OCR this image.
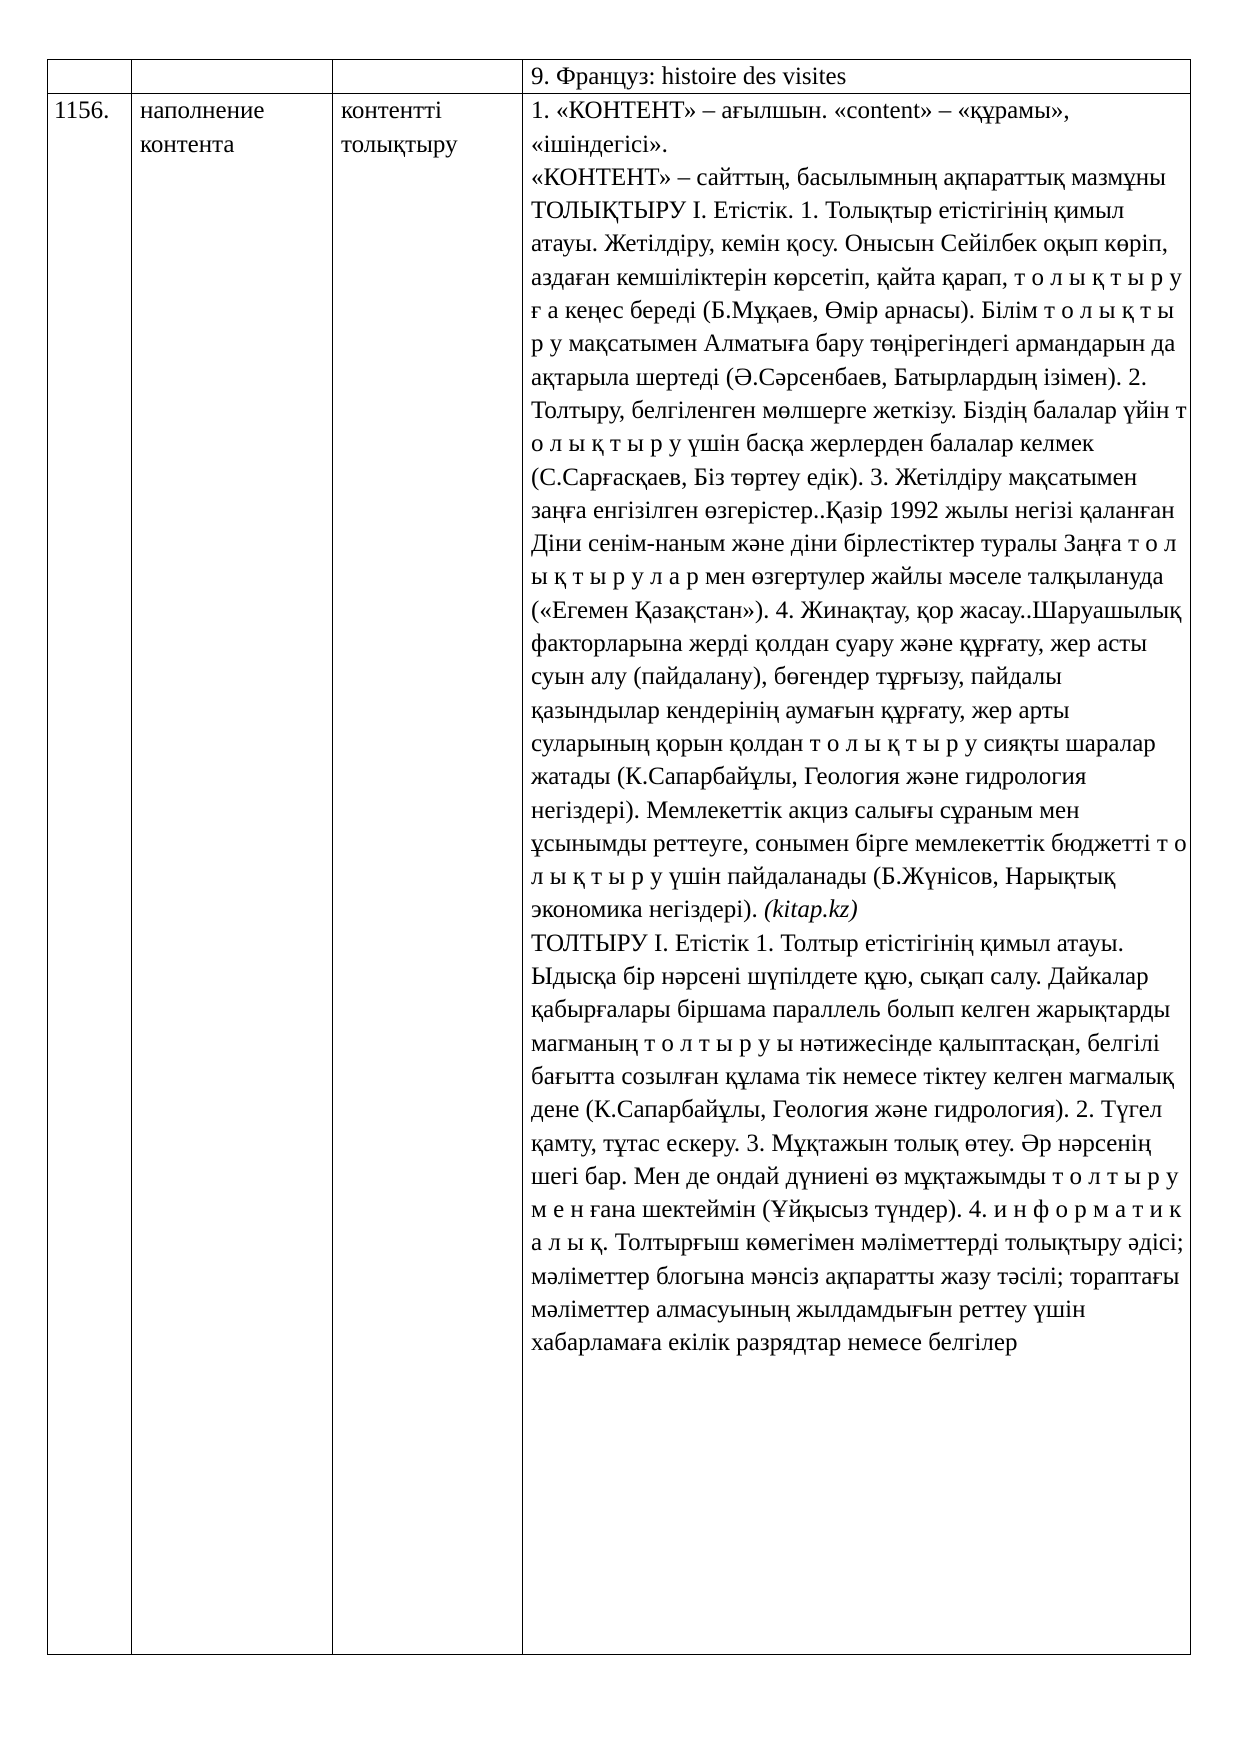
			9. Француз: histoire des visites
1156.	наполнение контента	контентті толықтыру	1. «КОНТЕНТ» – ағылшын. «content» – «құрамы», «ішіндегісі».
«КОНТЕНТ» – сайттың, басылымның ақпараттық мазмұны
ТОЛЫҚТЫРУ I. Етістік. 1. Толықтыр етістігінің қимыл атауы. Жетілдіру, кемін қосу. Онысын Сейілбек оқып көріп, аздаған кемшіліктерін көрсетіп, қайта қарап, т о л ы қ т ы р у ғ а кеңес береді (Б.Мұқаев, Өмір арнасы). Білім т о л ы қ т ы р у мақсатымен Алматыға бару төңірегіндегі армандарын да ақтарыла шертеді (Ә.Сәрсенбаев, Батырлардың ізімен). 2. Толтыру, белгіленген мөлшерге жеткізу. Біздің балалар үйін т о л ы қ т ы р у үшін басқа жерлерден балалар келмек (С.Сарғасқаев, Біз төртеу едік). 3. Жетілдіру мақсатымен заңға енгізілген өзгерістер..Қазір 1992 жылы негізі қаланған Діни сенім-наным және діни бірлестіктер туралы Заңға т о л ы қ т ы р у л а р мен өзгертулер жайлы мәселе талқылануда («Егемен Қазақстан»). 4. Жинақтау, қор жасау..Шаруашылық факторларына жерді қолдан суару және құрғату, жер асты суын алу (пайдалану), бөгендер тұрғызу, пайдалы қазындылар кендерінің аумағын құрғату, жер арты суларының қорын қолдан т о л ы қ т ы р у сияқты шаралар жатады (К.Сапарбайұлы, Геология және гидрология негіздері). Мемлекеттік акциз салығы сұраным мен ұсынымды реттеуге, сонымен бірге мемлекеттік бюджетті т о л ы қ т ы р у үшін пайдаланады (Б.Жүнісов, Нарықтық экономика негіздері). (kitap.kz)
ТОЛТЫРУ I. Етістік 1. Толтыр етістігінің қимыл атауы. Ыдысқа бір нәрсені шүпілдете құю, сықап салу. Дайкалар қабырғалары біршама параллель болып келген жарықтарды магманың т о л т ы р у ы нәтижесінде қалыптасқан, белгілі бағытта созылған құлама тік немесе тіктеу келген магмалық дене (К.Сапарбайұлы, Геология және гидрология). 2. Түгел қамту, тұтас ескеру. 3. Мұқтажын толық өтеу. Әр нәрсенің шегі бар. Мен де ондай дүниені өз мұқтажымды т о л т ы р у м е н ғана шектеймін (Ұйқысыз түндер). 4. и н ф о р м а т и к а л ы қ. Толтырғыш көмегімен мәліметтерді толықтыру әдісі; мәліметтер блогына мәнсіз ақпаратты жазу тәсілі; торaптағы мәліметтер алмасуының жылдамдығын реттеу үшін хабарламаға екілік разрядтар немесе белгілер
